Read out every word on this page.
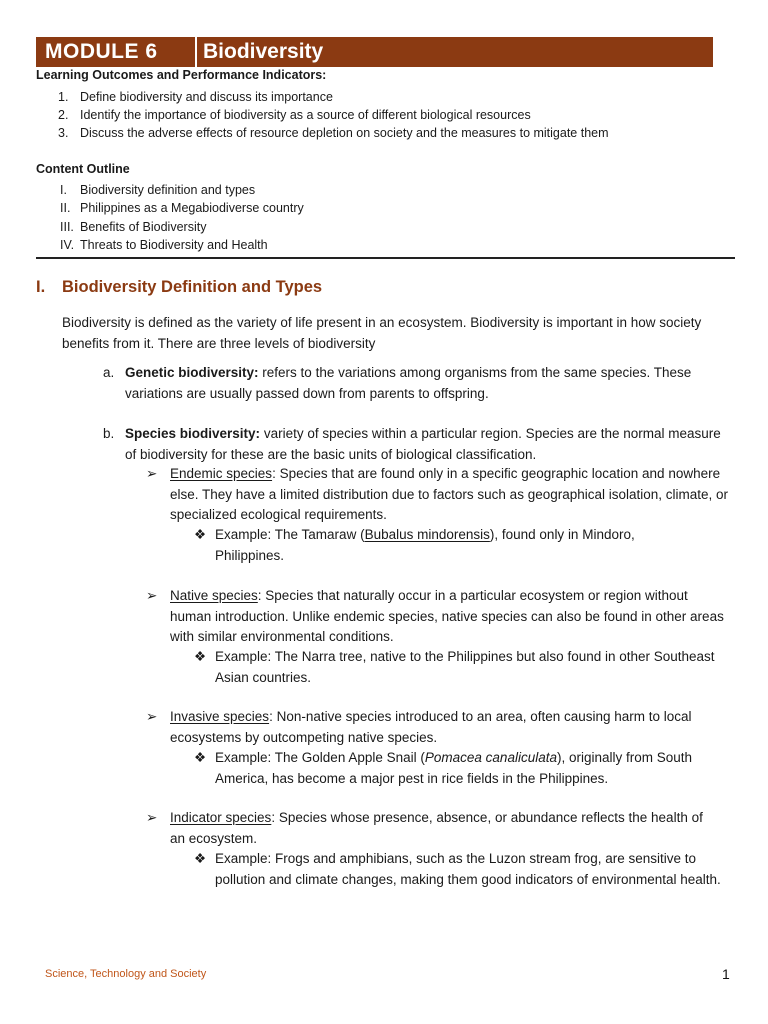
MODULE 6	Biodiversity
Learning Outcomes and Performance Indicators:
1. Define biodiversity and discuss its importance
2. Identify the importance of biodiversity as a source of different biological resources
3. Discuss the adverse effects of resource depletion on society and the measures to mitigate them
Content Outline
I. Biodiversity definition and types
II. Philippines as a Megabiodiverse country
III. Benefits of Biodiversity
IV. Threats to Biodiversity and Health
I. Biodiversity Definition and Types
Biodiversity is defined as the variety of life present in an ecosystem. Biodiversity is important in how society benefits from it. There are three levels of biodiversity
a. Genetic biodiversity: refers to the variations among organisms from the same species. These variations are usually passed down from parents to offspring.
b. Species biodiversity: variety of species within a particular region. Species are the normal measure of biodiversity for these are the basic units of biological classification.
➢ Endemic species: Species that are found only in a specific geographic location and nowhere else. They have a limited distribution due to factors such as geographical isolation, climate, or specialized ecological requirements.
❖ Example: The Tamaraw (Bubalus mindorensis), found only in Mindoro, Philippines.
➢ Native species: Species that naturally occur in a particular ecosystem or region without human introduction. Unlike endemic species, native species can also be found in other areas with similar environmental conditions.
❖ Example: The Narra tree, native to the Philippines but also found in other Southeast Asian countries.
➢ Invasive species: Non-native species introduced to an area, often causing harm to local ecosystems by outcompeting native species.
❖ Example: The Golden Apple Snail (Pomacea canaliculata), originally from South America, has become a major pest in rice fields in the Philippines.
➢ Indicator species: Species whose presence, absence, or abundance reflects the health of an ecosystem.
❖ Example: Frogs and amphibians, such as the Luzon stream frog, are sensitive to pollution and climate changes, making them good indicators of environmental health.
Science, Technology and Society	1
